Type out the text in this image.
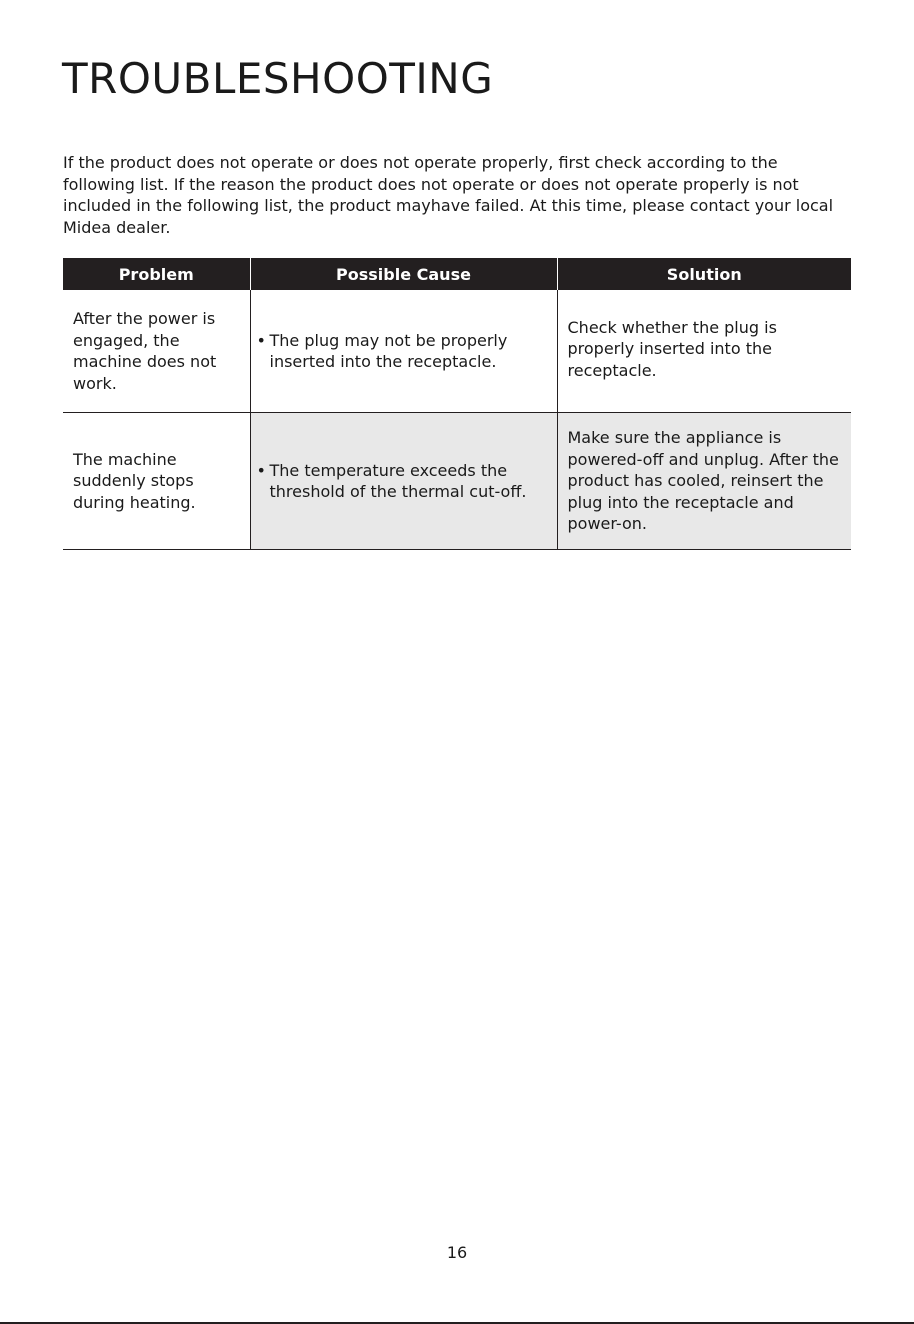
TROUBLESHOOTING

If the product does not operate or does not operate properly, first check according to the following list. If the reason the product does not operate or does not operate properly is not included in the following list, the product mayhave failed. At this time, please contact your local Midea dealer.

Problem	Possible Cause	Solution
After the power is engaged, the machine does not work.	• The plug may not be properly inserted into the receptacle.	Check whether the plug is properly inserted into the receptacle.
The machine suddenly stops during heating.	• The temperature exceeds the threshold of the thermal cut-off.	Make sure the appliance is powered-off and unplug. After the product has cooled, reinsert the plug into the receptacle and power-on.
16
